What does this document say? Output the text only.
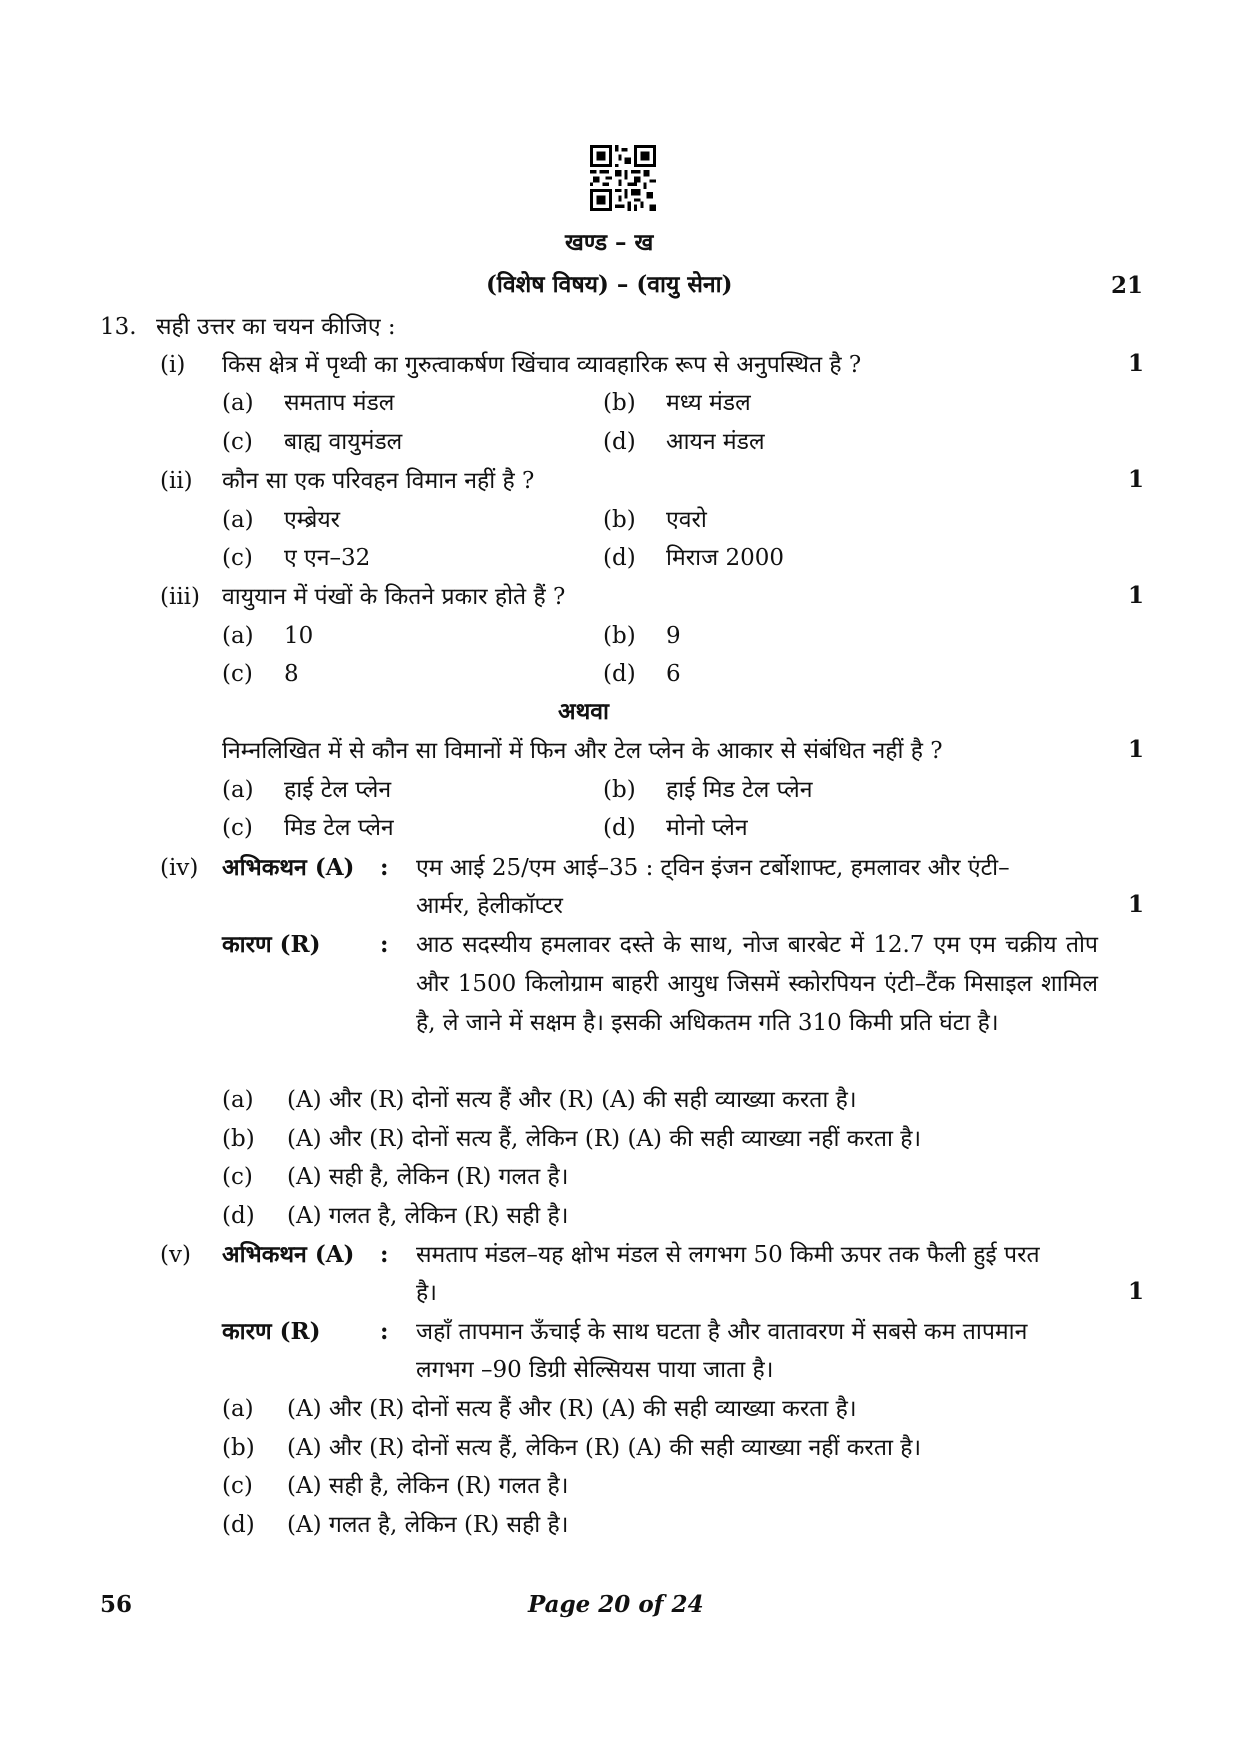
खण्ड – ख
(विशेष विषय) – (वायु सेना)	21
13. सही उत्तर का चयन कीजिए :
(i) किस क्षेत्र में पृथ्वी का गुरुत्वाकर्षण खिंचाव व्यावहारिक रूप से अनुपस्थित है ?	1
(a) समताप मंडल	(b) मध्य मंडल
(c) बाह्य वायुमंडल	(d) आयन मंडल
(ii) कौन सा एक परिवहन विमान नहीं है ?	1
(a) एम्ब्रेयर	(b) एवरो
(c) ए एन–32	(d) मिराज 2000
(iii) वायुयान में पंखों के कितने प्रकार होते हैं ?	1
(a) 10	(b) 9
(c) 8	(d) 6
अथवा
निम्नलिखित में से कौन सा विमानों में फिन और टेल प्लेन के आकार से संबंधित नहीं है ?	1
(a) हाई टेल प्लेन	(b) हाई मिड टेल प्लेन
(c) मिड टेल प्लेन	(d) मोनो प्लेन
(iv) अभिकथन (A) : एम आई 25/एम आई–35 : ट्विन इंजन टर्बोशाफ्ट, हमलावर और एंटी–
आर्मर, हेलीकॉप्टर	1
कारण (R)	: आठ सदस्यीय हमलावर दस्ते के साथ, नोज बारबेट में 12.7 एम एम चक्रीय तोप और 1500 किलोग्राम बाहरी आयुध जिसमें स्कोरपियन एंटी–टैंक मिसाइल शामिल है, ले जाने में सक्षम है। इसकी अधिकतम गति 310 किमी प्रति घंटा है।
(a) (A) और (R) दोनों सत्य हैं और (R) (A) की सही व्याख्या करता है।
(b) (A) और (R) दोनों सत्य हैं, लेकिन (R) (A) की सही व्याख्या नहीं करता है।
(c) (A) सही है, लेकिन (R) गलत है।
(d) (A) गलत है, लेकिन (R) सही है।
(v) अभिकथन (A) : समताप मंडल–यह क्षोभ मंडल से लगभग 50 किमी ऊपर तक फैली हुई परत
है।	1
कारण (R)	: जहाँ तापमान ऊँचाई के साथ घटता है और वातावरण में सबसे कम तापमान
लगभग –90 डिग्री सेल्सियस पाया जाता है।
(a) (A) और (R) दोनों सत्य हैं और (R) (A) की सही व्याख्या करता है।
(b) (A) और (R) दोनों सत्य हैं, लेकिन (R) (A) की सही व्याख्या नहीं करता है।
(c) (A) सही है, लेकिन (R) गलत है।
(d) (A) गलत है, लेकिन (R) सही है।
56	Page 20 of 24
